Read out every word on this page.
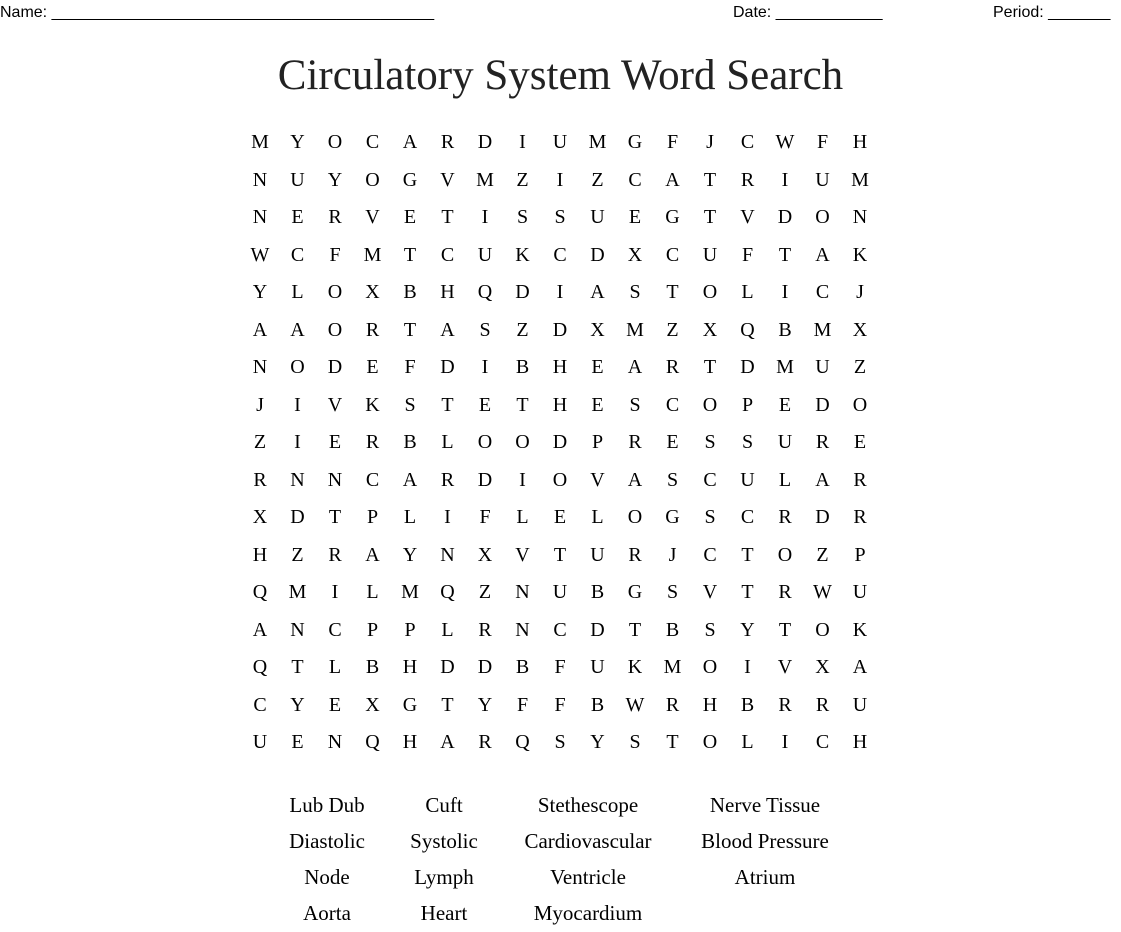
Name: ___________________________________________	Date: ____________	Period: _______
Circulatory System Word Search
M	Y	O	C	A	R	D	I	U	M	G	F	J	C	W	F	H
N	U	Y	O	G	V	M	Z	I	Z	C	A	T	R	I	U	M
N	E	R	V	E	T	I	S	S	U	E	G	T	V	D	O	N
W	C	F	M	T	C	U	K	C	D	X	C	U	F	T	A	K
Y	L	O	X	B	H	Q	D	I	A	S	T	O	L	I	C	J
A	A	O	R	T	A	S	Z	D	X	M	Z	X	Q	B	M	X
N	O	D	E	F	D	I	B	H	E	A	R	T	D	M	U	Z
J	I	V	K	S	T	E	T	H	E	S	C	O	P	E	D	O
Z	I	E	R	B	L	O	O	D	P	R	E	S	S	U	R	E
R	N	N	C	A	R	D	I	O	V	A	S	C	U	L	A	R
X	D	T	P	L	I	F	L	E	L	O	G	S	C	R	D	R
H	Z	R	A	Y	N	X	V	T	U	R	J	C	T	O	Z	P
Q	M	I	L	M	Q	Z	N	U	B	G	S	V	T	R	W	U
A	N	C	P	P	L	R	N	C	D	T	B	S	Y	T	O	K
Q	T	L	B	H	D	D	B	F	U	K	M	O	I	V	X	A
C	Y	E	X	G	T	Y	F	F	B	W	R	H	B	R	R	U
U	E	N	Q	H	A	R	Q	S	Y	S	T	O	L	I	C	H
Lub Dub	Cuft	Stethescope	Nerve Tissue
Diastolic	Systolic	Cardiovascular	Blood Pressure
Node	Lymph	Ventricle	Atrium
Aorta	Heart	Myocardium
